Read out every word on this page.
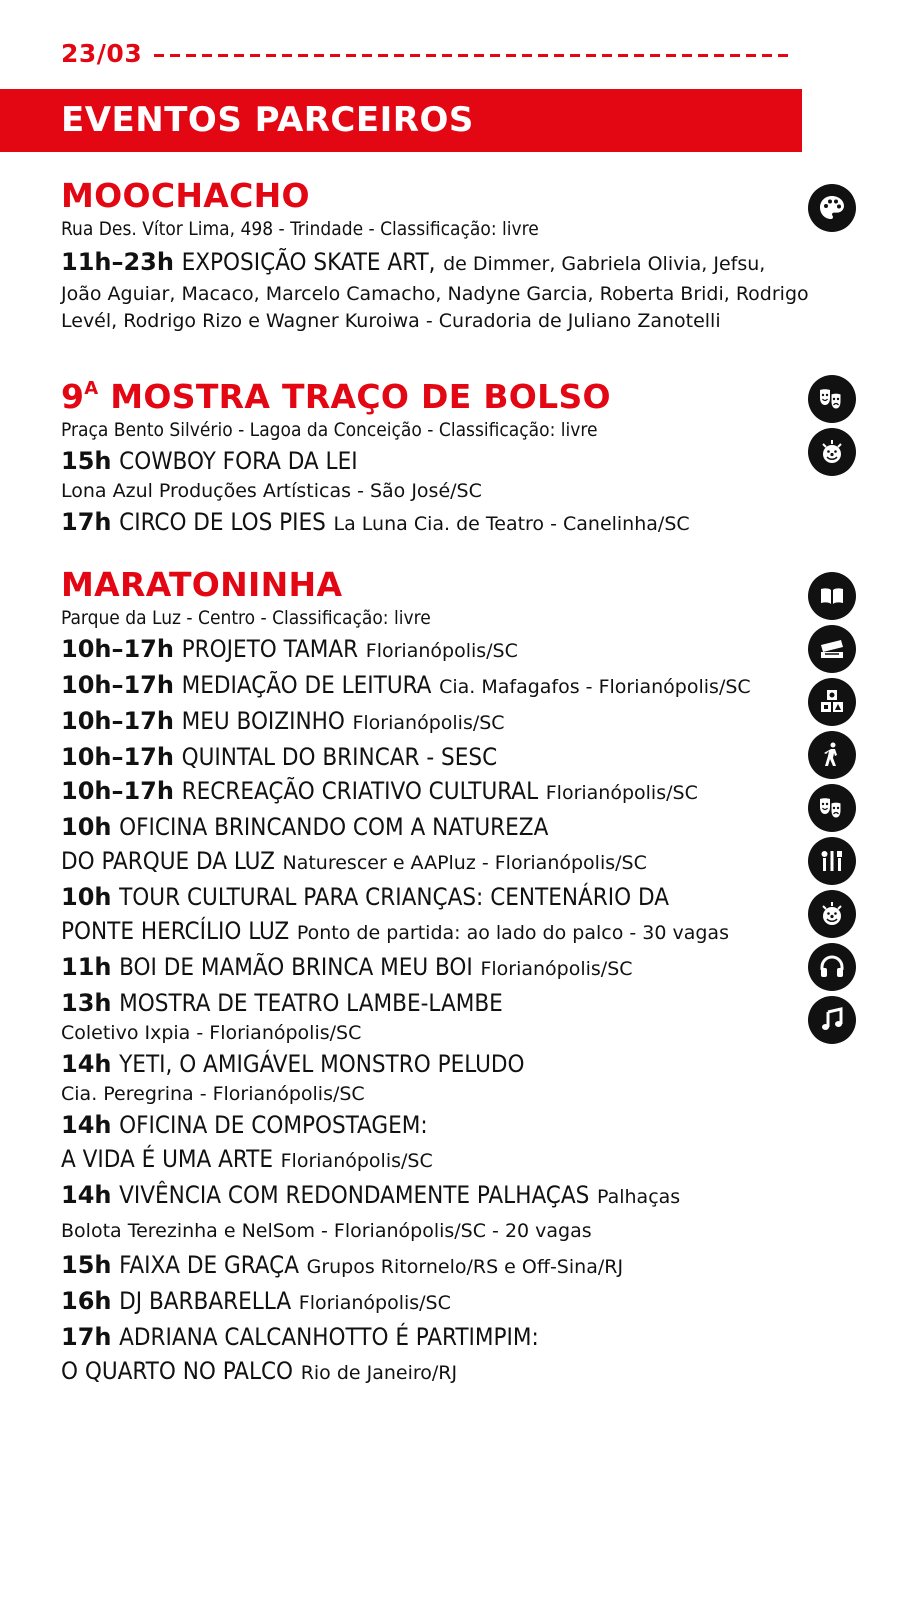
23/03
EVENTOS PARCEIROS
MOOCHACHO
Rua Des. Vítor Lima, 498 - Trindade - Classificação: livre
11h–23h EXPOSIÇÃO SKATE ART, de Dimmer, Gabriela Olivia, Jefsu,
João Aguiar, Macaco, Marcelo Camacho, Nadyne Garcia, Roberta Bridi, Rodrigo
Levél, Rodrigo Rizo e Wagner Kuroiwa - Curadoria de Juliano Zanotelli
$9^A$ MOSTRA TRAÇO DE BOLSO
Praça Bento Silvério - Lagoa da Conceição - Classificação: livre
15h COWBOY FORA DA LEI
Lona Azul Produções Artísticas - São José/SC
17h CIRCO DE LOS PIES La Luna Cia. de Teatro - Canelinha/SC
MARATONINHA
Parque da Luz - Centro - Classificação: livre
10h–17h PROJETO TAMAR Florianópolis/SC
10h–17h MEDIAÇÃO DE LEITURA Cia. Mafagafos - Florianópolis/SC
10h–17h MEU BOIZINHO Florianópolis/SC
10h–17h QUINTAL DO BRINCAR - SESC
10h–17h RECREAÇÃO CRIATIVO CULTURAL Florianópolis/SC
10h OFICINA BRINCANDO COM A NATUREZA
DO PARQUE DA LUZ Naturescer e AAPluz - Florianópolis/SC
10h TOUR CULTURAL PARA CRIANÇAS: CENTENÁRIO DA
PONTE HERCÍLIO LUZ Ponto de partida: ao lado do palco - 30 vagas
11h BOI DE MAMÃO BRINCA MEU BOI Florianópolis/SC
13h MOSTRA DE TEATRO LAMBE-LAMBE
Coletivo Ixpia - Florianópolis/SC
14h YETI, O AMIGÁVEL MONSTRO PELUDO
Cia. Peregrina - Florianópolis/SC
14h OFICINA DE COMPOSTAGEM:
A VIDA É UMA ARTE Florianópolis/SC
14h VIVÊNCIA COM REDONDAMENTE PALHAÇAS Palhaças
Bolota Terezinha e NelSom - Florianópolis/SC - 20 vagas
15h FAIXA DE GRAÇA Grupos Ritornelo/RS e Off-Sina/RJ
16h DJ BARBARELLA Florianópolis/SC
17h ADRIANA CALCANHOTTO É PARTIMPIM:
O QUARTO NO PALCO Rio de Janeiro/RJ
